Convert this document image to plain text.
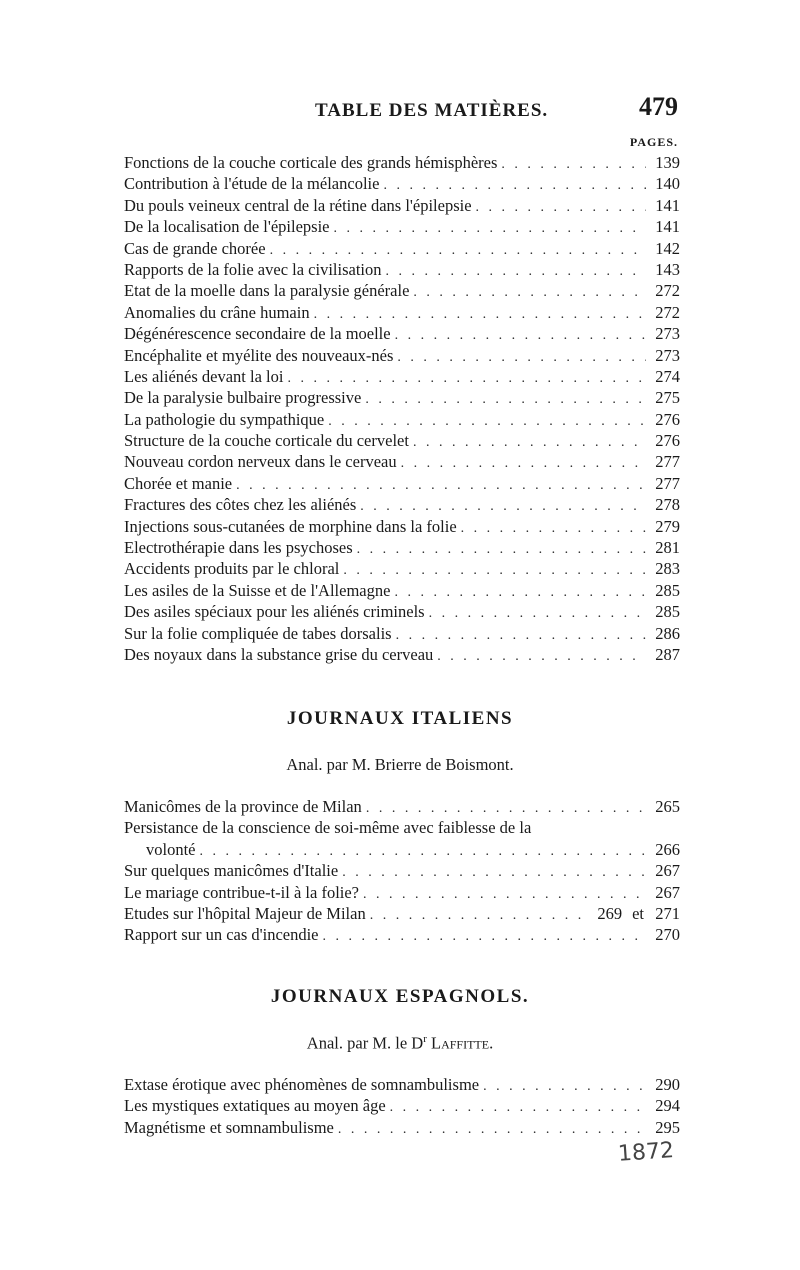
TABLE DES MATIÈRES.	479
PAGES.
Fonctions de la couche corticale des grands hémisphères . . .	139
Contribution à l'étude de la mélancolie . . .	140
Du pouls veineux central de la rétine dans l'épilepsie . . .	141
De la localisation de l'épilepsie . . .	141
Cas de grande chorée . . .	142
Rapports de la folie avec la civilisation . . .	143
Etat de la moelle dans la paralysie générale . . .	272
Anomalies du crâne humain . . .	272
Dégénérescence secondaire de la moelle . . .	273
Encéphalite et myélite des nouveaux-nés . . .	273
Les aliénés devant la loi . . .	274
De la paralysie bulbaire progressive . . .	275
La pathologie du sympathique . . .	276
Structure de la couche corticale du cervelet . . .	276
Nouveau cordon nerveux dans le cerveau . . .	277
Chorée et manie . . .	277
Fractures des côtes chez les aliénés . . .	278
Injections sous-cutanées de morphine dans la folie . . .	279
Electrothérapie dans les psychoses . . .	281
Accidents produits par le chloral . . .	283
Les asiles de la Suisse et de l'Allemagne . . .	285
Des asiles spéciaux pour les aliénés criminels . . .	285
Sur la folie compliquée de tabes dorsalis . . .	286
Des noyaux dans la substance grise du cerveau . . .	287
JOURNAUX ITALIENS
Anal. par M. Brierre de Boismont.
Manicômes de la province de Milan . . .	265
Persistance de la conscience de soi-même avec faiblesse de la
volonté . . .	266
Sur quelques manicômes d'Italie . . .	267
Le mariage contribue-t-il à la folie? . . .	267
Etudes sur l'hôpital Majeur de Milan . . .	269 et 271
Rapport sur un cas d'incendie . . .	270
JOURNAUX ESPAGNOLS.
Anal. par M. le $D^r$ Laffitte.
Extase érotique avec phénomènes de somnambulisme . . .	290
Les mystiques extatiques au moyen âge . . .	294
Magnétisme et somnambulisme . . .	295
1872
